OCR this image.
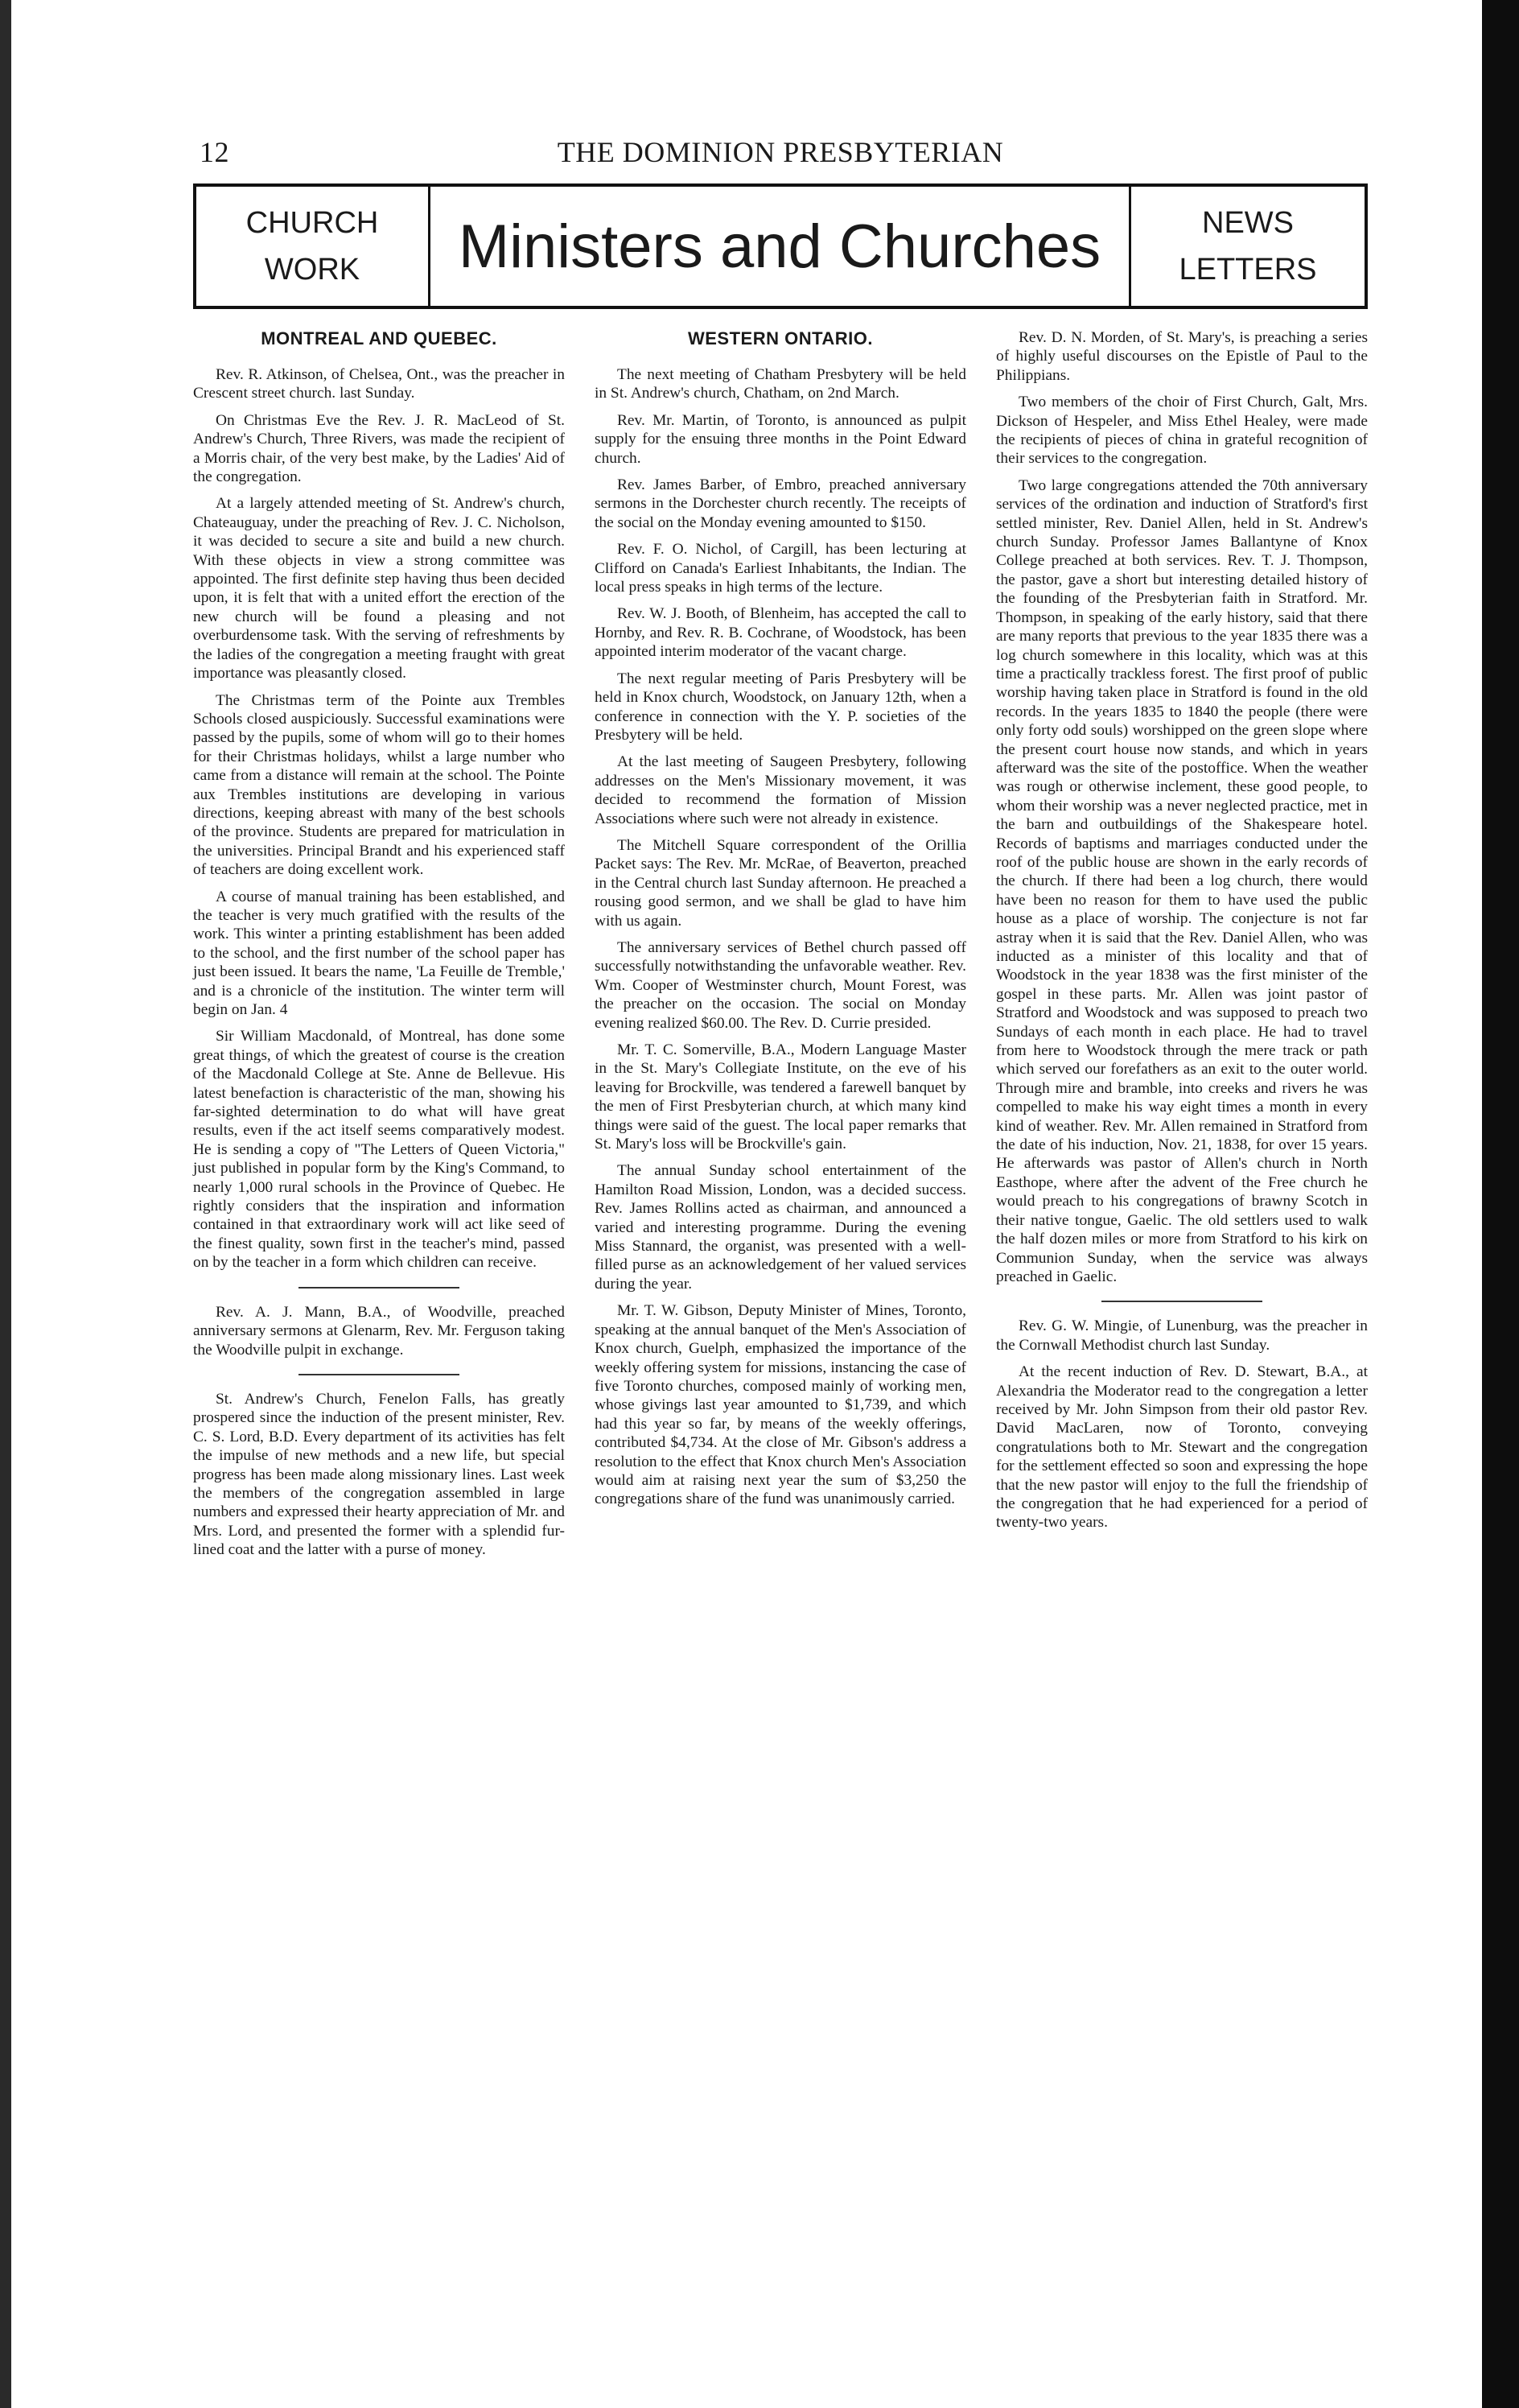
12	THE DOMINION PRESBYTERIAN
CHURCH
WORK	Ministers and Churches	NEWS
LETTERS
MONTREAL AND QUEBEC.

Rev. R. Atkinson, of Chelsea, Ont., was the preacher in Crescent street church. last Sunday.

On Christmas Eve the Rev. J. R. MacLeod of St. Andrew's Church, Three Rivers, was made the recipient of a Morris chair, of the very best make, by the Ladies' Aid of the congregation.

At a largely attended meeting of St. Andrew's church, Chateauguay, under the preaching of Rev. J. C. Nicholson, it was decided to secure a site and build a new church. With these objects in view a strong committee was appointed. The first definite step having thus been decided upon, it is felt that with a united effort the erection of the new church will be found a pleasing and not overburdensome task. With the serving of refreshments by the ladies of the congregation a meeting fraught with great importance was pleasantly closed.

The Christmas term of the Pointe aux Trembles Schools closed auspiciously. Successful examinations were passed by the pupils, some of whom will go to their homes for their Christmas holidays, whilst a large number who came from a distance will remain at the school. The Pointe aux Trembles institutions are developing in various directions, keeping abreast with many of the best schools of the province. Students are prepared for matriculation in the universities. Principal Brandt and his experienced staff of teachers are doing excellent work.

A course of manual training has been established, and the teacher is very much gratified with the results of the work. This winter a printing establishment has been added to the school, and the first number of the school paper has just been issued. It bears the name, 'La Feuille de Tremble,' and is a chronicle of the institution. The winter term will begin on Jan. 4

Sir William Macdonald, of Montreal, has done some great things, of which the greatest of course is the creation of the Macdonald College at Ste. Anne de Bellevue. His latest benefaction is characteristic of the man, showing his far-sighted determination to do what will have great results, even if the act itself seems comparatively modest. He is sending a copy of "The Letters of Queen Victoria," just published in popular form by the King's Command, to nearly 1,000 rural schools in the Province of Quebec. He rightly considers that the inspiration and information contained in that extraordinary work will act like seed of the finest quality, sown first in the teacher's mind, passed on by the teacher in a form which children can receive.

Rev. A. J. Mann, B.A., of Woodville, preached anniversary sermons at Glenarm, Rev. Mr. Ferguson taking the Woodville pulpit in exchange.

St. Andrew's Church, Fenelon Falls, has greatly prospered since the induction of the present minister, Rev. C. S. Lord, B.D. Every department of its activities has felt the impulse of new methods and a new life, but special progress has been made along missionary lines. Last week the members of the congregation assembled in large numbers and expressed their hearty appreciation of Mr. and Mrs. Lord, and presented the former with a splendid fur-lined coat and the latter with a purse of money.

WESTERN ONTARIO.

The next meeting of Chatham Presbytery will be held in St. Andrew's church, Chatham, on 2nd March.

Rev. Mr. Martin, of Toronto, is announced as pulpit supply for the ensuing three months in the Point Edward church.

Rev. James Barber, of Embro, preached anniversary sermons in the Dorchester church recently. The receipts of the social on the Monday evening amounted to $150.

Rev. F. O. Nichol, of Cargill, has been lecturing at Clifford on Canada's Earliest Inhabitants, the Indian. The local press speaks in high terms of the lecture.

Rev. W. J. Booth, of Blenheim, has accepted the call to Hornby, and Rev. R. B. Cochrane, of Woodstock, has been appointed interim moderator of the vacant charge.

The next regular meeting of Paris Presbytery will be held in Knox church, Woodstock, on January 12th, when a conference in connection with the Y. P. societies of the Presbytery will be held.

At the last meeting of Saugeen Presbytery, following addresses on the Men's Missionary movement, it was decided to recommend the formation of Mission Associations where such were not already in existence.

The Mitchell Square correspondent of the Orillia Packet says: The Rev. Mr. McRae, of Beaverton, preached in the Central church last Sunday afternoon. He preached a rousing good sermon, and we shall be glad to have him with us again.

The anniversary services of Bethel church passed off successfully notwithstanding the unfavorable weather. Rev. Wm. Cooper of Westminster church, Mount Forest, was the preacher on the occasion. The social on Monday evening realized $60.00. The Rev. D. Currie presided.

Mr. T. C. Somerville, B.A., Modern Language Master in the St. Mary's Collegiate Institute, on the eve of his leaving for Brockville, was tendered a farewell banquet by the men of First Presbyterian church, at which many kind things were said of the guest. The local paper remarks that St. Mary's loss will be Brockville's gain.

The annual Sunday school entertainment of the Hamilton Road Mission, London, was a decided success. Rev. James Rollins acted as chairman, and announced a varied and interesting programme. During the evening Miss Stannard, the organist, was presented with a well-filled purse as an acknowledgement of her valued services during the year.

Mr. T. W. Gibson, Deputy Minister of Mines, Toronto, speaking at the annual banquet of the Men's Association of Knox church, Guelph, emphasized the importance of the weekly offering system for missions, instancing the case of five Toronto churches, composed mainly of working men, whose givings last year amounted to $1,739, and which had this year so far, by means of the weekly offerings, contributed $4,734. At the close of Mr. Gibson's address a resolution to the effect that Knox church Men's Association would aim at raising next year the sum of $3,250 the congregations share of the fund was unanimously carried.

Rev. D. N. Morden, of St. Mary's, is preaching a series of highly useful discourses on the Epistle of Paul to the Philippians.

Two members of the choir of First Church, Galt, Mrs. Dickson of Hespeler, and Miss Ethel Healey, were made the recipients of pieces of china in grateful recognition of their services to the congregation.

Two large congregations attended the 70th anniversary services of the ordination and induction of Stratford's first settled minister, Rev. Daniel Allen, held in St. Andrew's church Sunday. Professor James Ballantyne of Knox College preached at both services. Rev. T. J. Thompson, the pastor, gave a short but interesting detailed history of the founding of the Presbyterian faith in Stratford. Mr. Thompson, in speaking of the early history, said that there are many reports that previous to the year 1835 there was a log church somewhere in this locality, which was at this time a practically trackless forest. The first proof of public worship having taken place in Stratford is found in the old records. In the years 1835 to 1840 the people (there were only forty odd souls) worshipped on the green slope where the present court house now stands, and which in years afterward was the site of the postoffice. When the weather was rough or otherwise inclement, these good people, to whom their worship was a never neglected practice, met in the barn and outbuildings of the Shakespeare hotel. Records of baptisms and marriages conducted under the roof of the public house are shown in the early records of the church. If there had been a log church, there would have been no reason for them to have used the public house as a place of worship. The conjecture is not far astray when it is said that the Rev. Daniel Allen, who was inducted as a minister of this locality and that of Woodstock in the year 1838 was the first minister of the gospel in these parts. Mr. Allen was joint pastor of Stratford and Woodstock and was supposed to preach two Sundays of each month in each place. He had to travel from here to Woodstock through the mere track or path which served our forefathers as an exit to the outer world. Through mire and bramble, into creeks and rivers he was compelled to make his way eight times a month in every kind of weather. Rev. Mr. Allen remained in Stratford from the date of his induction, Nov. 21, 1838, for over 15 years. He afterwards was pastor of Allen's church in North Easthope, where after the advent of the Free church he would preach to his congregations of brawny Scotch in their native tongue, Gaelic. The old settlers used to walk the half dozen miles or more from Stratford to his kirk on Communion Sunday, when the service was always preached in Gaelic.

Rev. G. W. Mingie, of Lunenburg, was the preacher in the Cornwall Methodist church last Sunday.

At the recent induction of Rev. D. Stewart, B.A., at Alexandria the Moderator read to the congregation a letter received by Mr. John Simpson from their old pastor Rev. David MacLaren, now of Toronto, conveying congratulations both to Mr. Stewart and the congregation for the settlement effected so soon and expressing the hope that the new pastor will enjoy to the full the friendship of the congregation that he had experienced for a period of twenty-two years.
